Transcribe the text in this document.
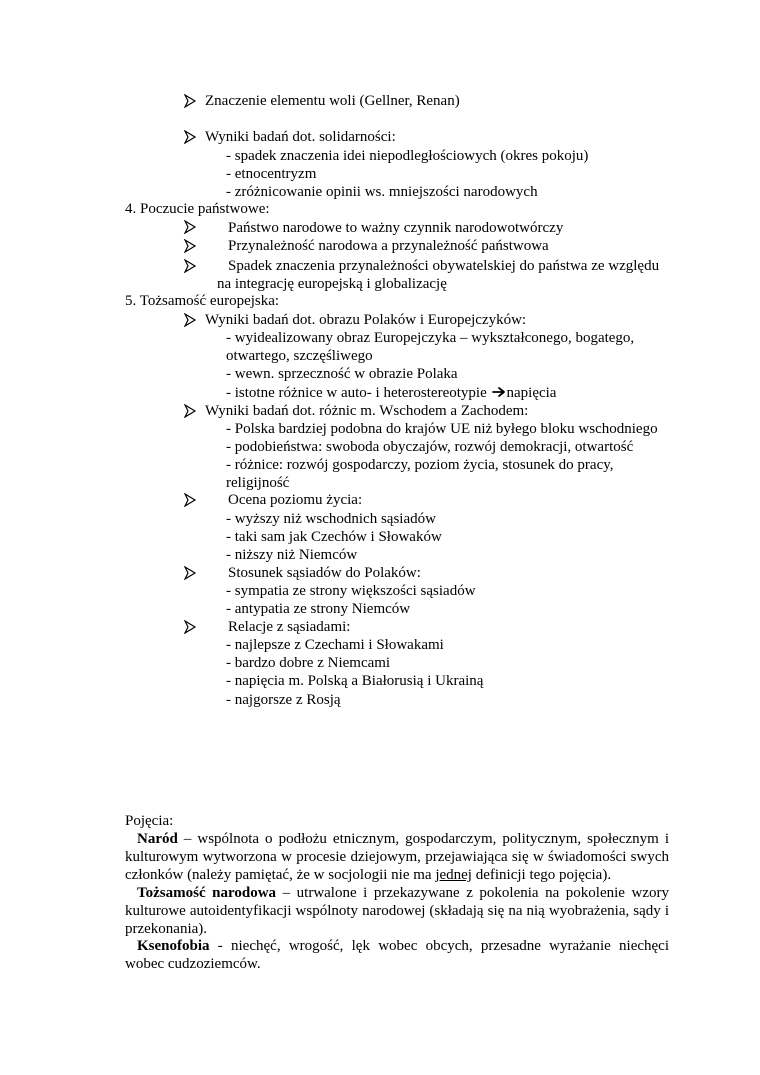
Znaczenie elementu woli (Gellner, Renan)
Wyniki badań dot. solidarności:
- spadek znaczenia idei niepodległościowych (okres pokoju)
- etnocentryzm
- zróżnicowanie opinii ws. mniejszości narodowych
4. Poczucie państwowe:
Państwo narodowe to ważny czynnik narodowotwórczy
Przynależność narodowa a przynależność państwowa
Spadek znaczenia przynależności obywatelskiej do państwa ze względu
na integrację europejską i globalizację
5. Tożsamość europejska:
Wyniki badań dot. obrazu Polaków i Europejczyków:
- wyidealizowany obraz Europejczyka – wykształconego, bogatego,
otwartego, szczęśliwego
- wewn. sprzeczność w obrazie Polaka
- istotne różnice w auto- i heterostereotypie
napięcia
Wyniki badań dot. różnic m. Wschodem a Zachodem:
- Polska bardziej podobna do krajów UE niż byłego bloku wschodniego
- podobieństwa: swoboda obyczajów, rozwój demokracji, otwartość
- różnice: rozwój gospodarczy, poziom życia, stosunek do pracy,
religijność
Ocena poziomu życia:
- wyższy niż wschodnich sąsiadów
- taki sam jak Czechów i Słowaków
- niższy niż Niemców
Stosunek sąsiadów do Polaków:
- sympatia ze strony większości sąsiadów
- antypatia ze strony Niemców
Relacje z sąsiadami:
- najlepsze z Czechami i Słowakami
- bardzo dobre z Niemcami
- napięcia m. Polską a Białorusią i Ukrainą
- najgorsze z Rosją
Pojęcia:
Naród – wspólnota o podłożu etnicznym, gospodarczym, politycznym, społecznym i kulturowym wytworzona w procesie dziejowym, przejawiająca się w świadomości swych członków (należy pamiętać, że w socjologii nie ma jednej definicji tego pojęcia).
Tożsamość narodowa – utrwalone i przekazywane z pokolenia na pokolenie wzory kulturowe autoidentyfikacji wspólnoty narodowej (składają się na nią wyobrażenia, sądy i przekonania).
Ksenofobia - niechęć, wrogość, lęk wobec obcych, przesadne wyrażanie niechęci wobec cudzoziemców.
